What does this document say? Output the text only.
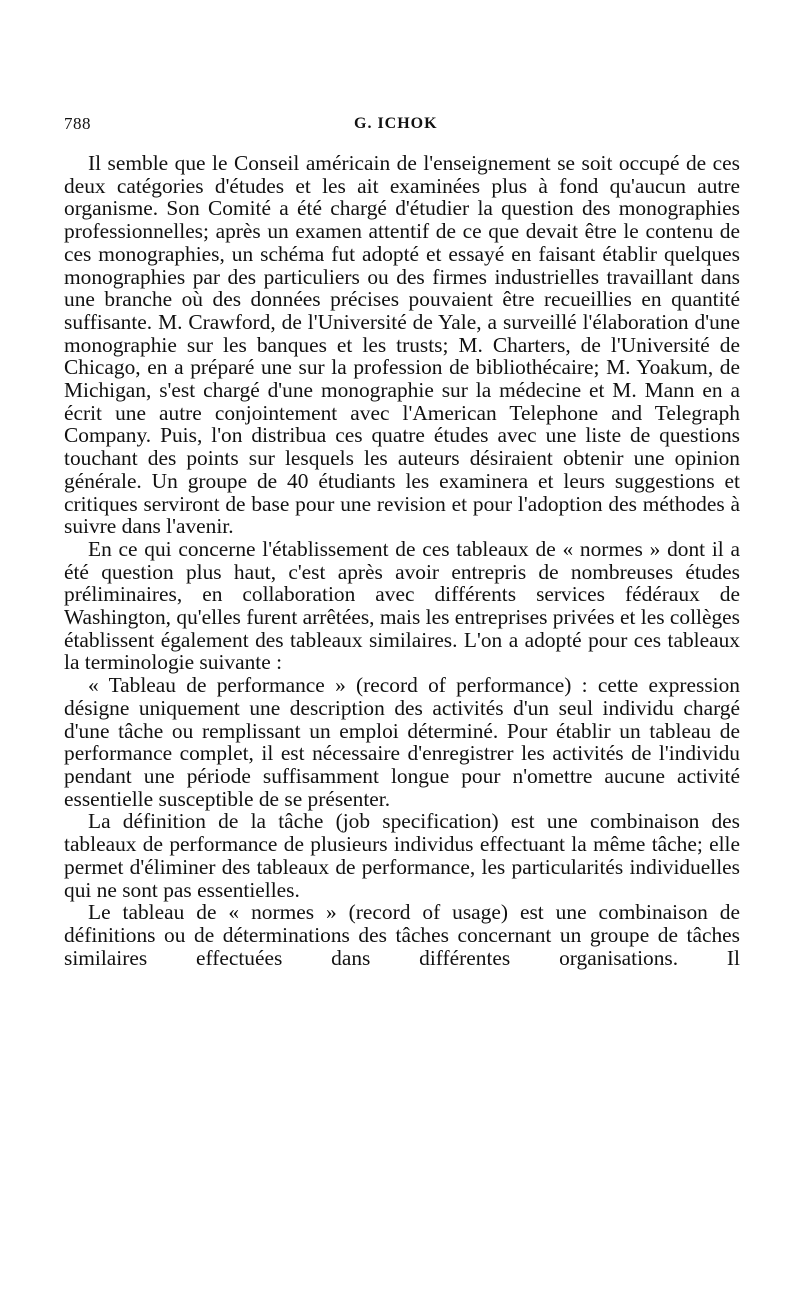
788	G. ICHOK

Il semble que le Conseil américain de l'enseignement se soit occupé de ces deux catégories d'études et les ait examinées plus à fond qu'aucun autre organisme. Son Comité a été chargé d'étudier la question des monographies professionnelles; après un examen attentif de ce que devait être le contenu de ces monographies, un schéma fut adopté et essayé en faisant établir quelques monographies par des particuliers ou des firmes industrielles travaillant dans une branche où des données précises pouvaient être recueillies en quantité suffisante. M. Crawford, de l'Université de Yale, a surveillé l'élaboration d'une monographie sur les banques et les trusts; M. Charters, de l'Université de Chicago, en a préparé une sur la profession de bibliothécaire; M. Yoakum, de Michigan, s'est chargé d'une monographie sur la médecine et M. Mann en a écrit une autre conjointement avec l'American Telephone and Telegraph Company. Puis, l'on distribua ces quatre études avec une liste de questions touchant des points sur lesquels les auteurs désiraient obtenir une opinion générale. Un groupe de 40 étudiants les examinera et leurs suggestions et critiques serviront de base pour une revision et pour l'adoption des méthodes à suivre dans l'avenir.

En ce qui concerne l'établissement de ces tableaux de « normes » dont il a été question plus haut, c'est après avoir entrepris de nombreuses études préliminaires, en collaboration avec différents services fédéraux de Washington, qu'elles furent arrêtées, mais les entreprises privées et les collèges établissent également des tableaux similaires. L'on a adopté pour ces tableaux la terminologie suivante :

« Tableau de performance » (record of performance) : cette expression désigne uniquement une description des activités d'un seul individu chargé d'une tâche ou remplissant un emploi déterminé. Pour établir un tableau de performance complet, il est nécessaire d'enregistrer les activités de l'individu pendant une période suffisamment longue pour n'omettre aucune activité essentielle susceptible de se présenter.

La définition de la tâche (job specification) est une combinaison des tableaux de performance de plusieurs individus effectuant la même tâche; elle permet d'éliminer des tableaux de performance, les particularités individuelles qui ne sont pas essentielles.

Le tableau de « normes » (record of usage) est une combinaison de définitions ou de déterminations des tâches concernant un groupe de tâches similaires effectuées dans différentes organisations. Il
